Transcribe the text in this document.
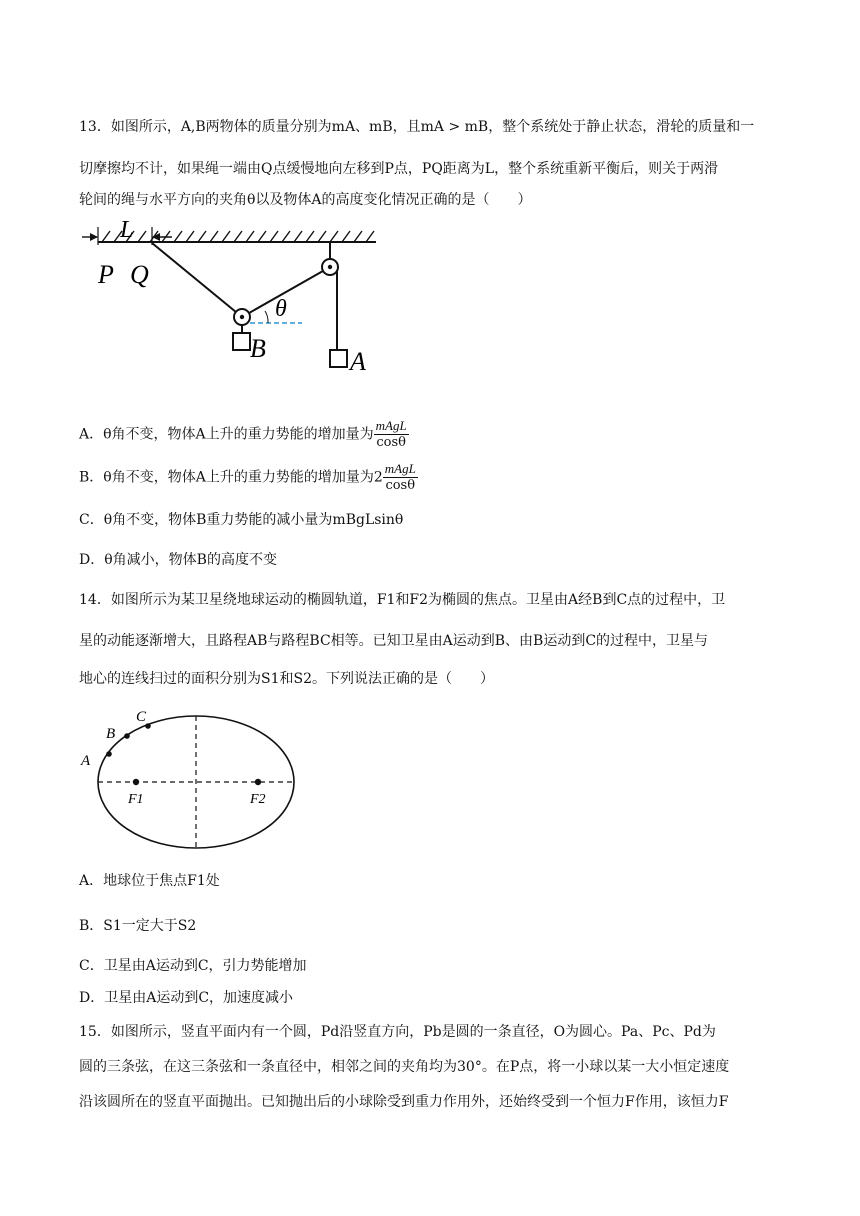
13．如图所示，A,B两物体的质量分别为mA、mB，且mA > mB，整个系统处于静止状态，滑轮的质量和一
切摩擦均不计，如果绳一端由Q点缓慢地向左移到P点，PQ距离为L，整个系统重新平衡后，则关于两滑
轮间的绳与水平方向的夹角θ以及物体A的高度变化情况正确的是（　　）
L
P Q
θ
B	A
A．θ角不变，物体A上升的重力势能的增加量为 $\frac{\text{mAgL}}{\cos\theta}$
B．θ角不变，物体A上升的重力势能的增加量为$2 \frac{\text{mAgL}}{\cos\theta}$
C．θ角不变，物体B重力势能的减小量为mBgLsinθ
D．θ角减小，物体B的高度不变
14．如图所示为某卫星绕地球运动的椭圆轨道，F1和F2为椭圆的焦点。卫星由A经B到C点的过程中，卫
星的动能逐渐增大，且路程AB与路程BC相等。已知卫星由A运动到B、由B运动到C的过程中，卫星与
地心的连线扫过的面积分别为S1和S2。下列说法正确的是（　　）
A
B
C
F1	F2
A．地球位于焦点F1处
B．S1一定大于S2
C．卫星由A运动到C，引力势能增加
D．卫星由A运动到C，加速度减小
15．如图所示，竖直平面内有一个圆，Pd沿竖直方向，Pb是圆的一条直径，O为圆心。Pa、Pc、Pd为
圆的三条弦，在这三条弦和一条直径中，相邻之间的夹角均为30°。在P点，将一小球以某一大小恒定速度
沿该圆所在的竖直平面抛出。已知抛出后的小球除受到重力作用外，还始终受到一个恒力F作用，该恒力F
